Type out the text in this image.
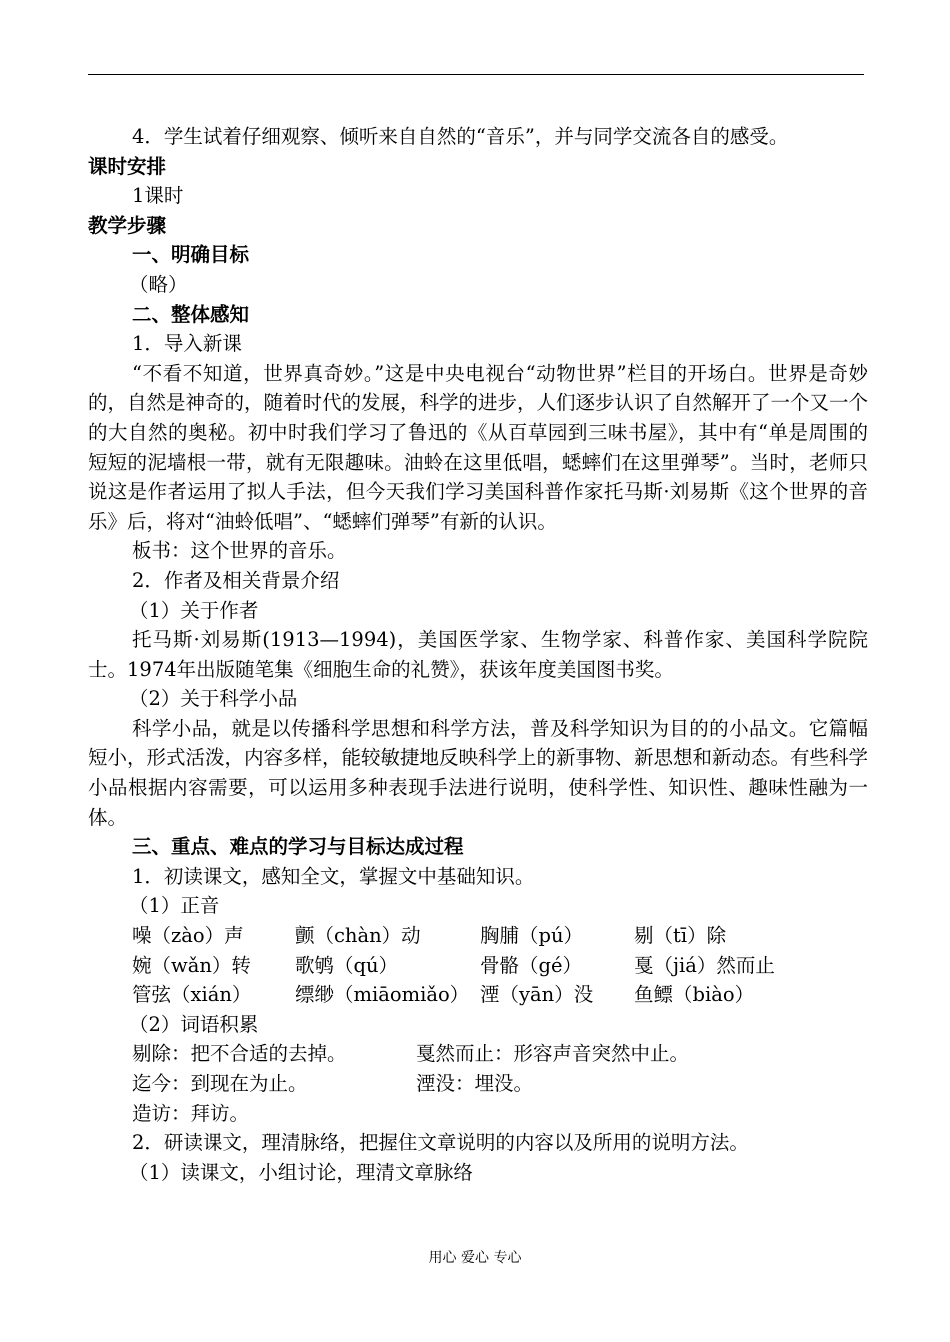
4．学生试着仔细观察、倾听来自自然的“音乐”，并与同学交流各自的感受。
课时安排
1课时
教学步骤
一、明确目标
（略）
二、整体感知
1．导入新课
“不看不知道，世界真奇妙。”这是中央电视台“动物世界”栏目的开场白。世界是奇妙的，自然是神奇的，随着时代的发展，科学的进步，人们逐步认识了自然解开了一个又一个的大自然的奥秘。初中时我们学习了鲁迅的《从百草园到三味书屋》，其中有“单是周围的短短的泥墙根一带，就有无限趣味。油蛉在这里低唱，蟋蟀们在这里弹琴”。当时，老师只说这是作者运用了拟人手法，但今天我们学习美国科普作家托马斯·刘易斯《这个世界的音乐》后，将对“油蛉低唱”、“蟋蟀们弹琴”有新的认识。
板书：这个世界的音乐。
2．作者及相关背景介绍
（1）关于作者
托马斯·刘易斯(1913—1994)，美国医学家、生物学家、科普作家、美国科学院院士。1974年出版随笔集《细胞生命的礼赞》，获该年度美国图书奖。
（2）关于科学小品
科学小品，就是以传播科学思想和科学方法，普及科学知识为目的的小品文。它篇幅短小，形式活泼，内容多样，能较敏捷地反映科学上的新事物、新思想和新动态。有些科学小品根据内容需要，可以运用多种表现手法进行说明，使科学性、知识性、趣味性融为一体。
三、重点、难点的学习与目标达成过程
1．初读课文，感知全文，掌握文中基础知识。
（1）正音
噪（zào）声	颤（chàn）动	胸脯（pú）	剔（tī）除
婉（wǎn）转 歌鸲（qú）	骨骼（gé）	戛（jiá）然而止
管弦（xián） 缥缈（miāomiǎo） 湮（yān）没 鱼鳔（biào）
（2）词语积累
剔除：把不合适的去掉。	戛然而止：形容声音突然中止。
迄今：到现在为止。	湮没：埋没。
造访：拜访。
2．研读课文，理清脉络，把握住文章说明的内容以及所用的说明方法。
（1）读课文，小组讨论，理清文章脉络
用心 爱心 专心
